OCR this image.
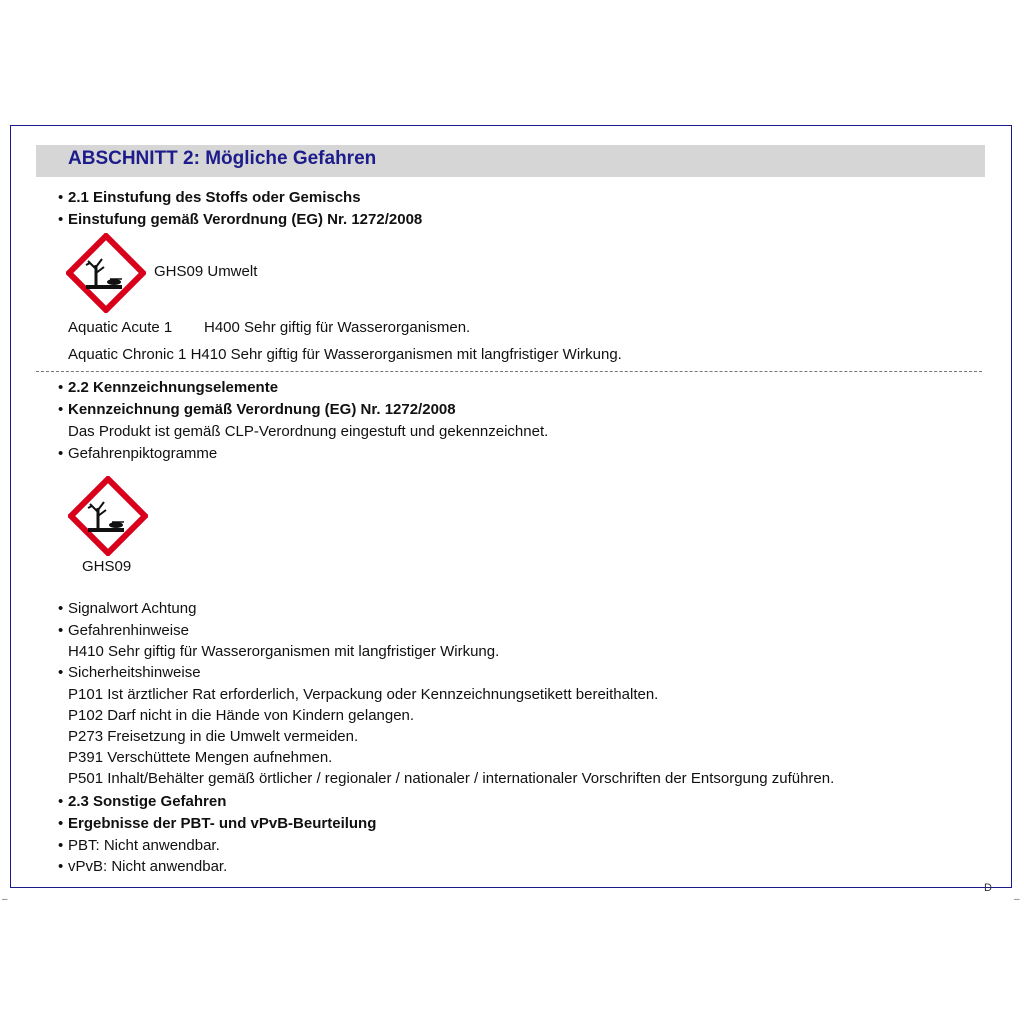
ABSCHNITT 2: Mögliche Gefahren
• 2.1 Einstufung des Stoffs oder Gemischs
• Einstufung gemäß Verordnung (EG) Nr. 1272/2008
GHS09 Umwelt
Aquatic Acute 1 H400 Sehr giftig für Wasserorganismen.
Aquatic Chronic 1 H410 Sehr giftig für Wasserorganismen mit langfristiger Wirkung.
• 2.2 Kennzeichnungselemente
• Kennzeichnung gemäß Verordnung (EG) Nr. 1272/2008
Das Produkt ist gemäß CLP-Verordnung eingestuft und gekennzeichnet.
• Gefahrenpiktogramme
GHS09
• Signalwort Achtung
• Gefahrenhinweise
H410 Sehr giftig für Wasserorganismen mit langfristiger Wirkung.
• Sicherheitshinweise
P101 Ist ärztlicher Rat erforderlich, Verpackung oder Kennzeichnungsetikett bereithalten.
P102 Darf nicht in die Hände von Kindern gelangen.
P273 Freisetzung in die Umwelt vermeiden.
P391 Verschüttete Mengen aufnehmen.
P501 Inhalt/Behälter gemäß örtlicher / regionaler / nationaler / internationaler Vorschriften der Entsorgung zuführen.
• 2.3 Sonstige Gefahren
• Ergebnisse der PBT- und vPvB-Beurteilung
• PBT: Nicht anwendbar.
• vPvB: Nicht anwendbar.
D
–	–
